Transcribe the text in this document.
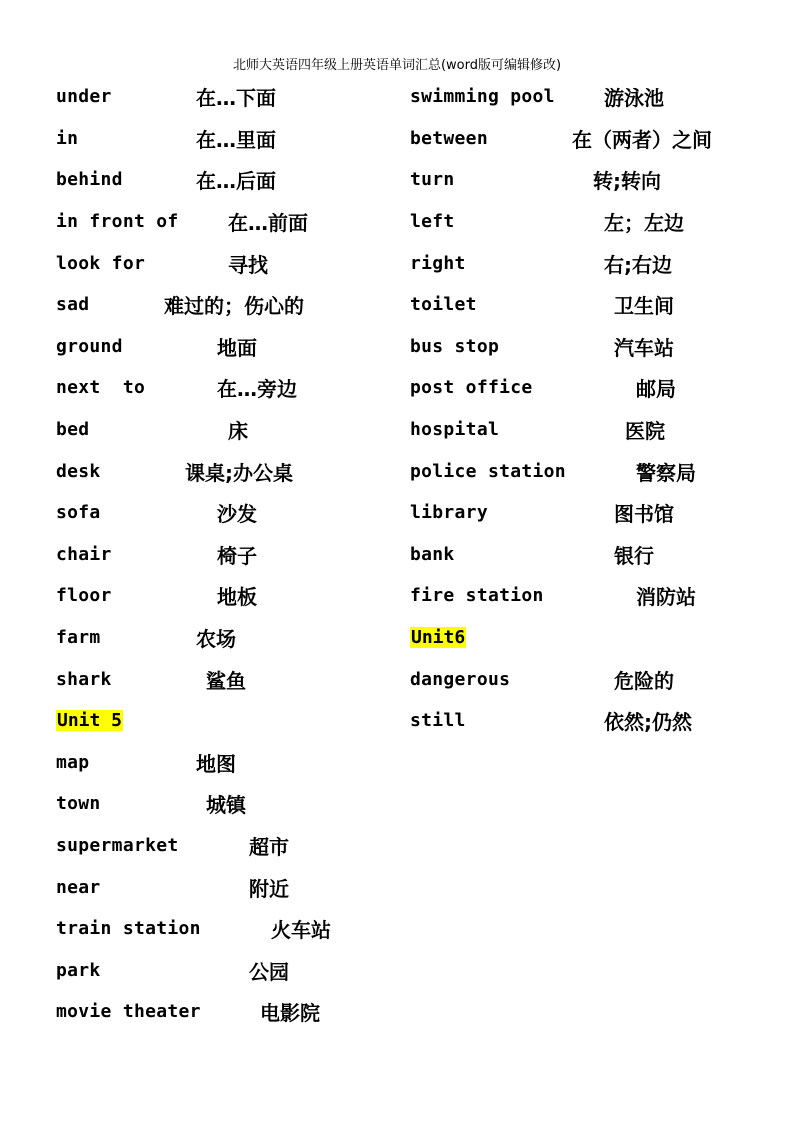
北师大英语四年级上册英语单词汇总(word版可编辑修改)
under	在…下面
in	在…里面
behind	在…后面
in front of 在…前面
look for	寻找
sad	难过的；伤心的
ground	地面
next  to	在…旁边
bed	床
desk	课桌;办公桌
sofa	沙发
chair	椅子
floor	地板
farm	农场
shark	鲨鱼
Unit 5
map	地图
town	城镇
supermarket	超市
near	附近
train station	火车站
park	公园
movie theater	电影院
swimming pool 游泳池
between	在（两者）之间
turn	转;转向
left	左；左边
right	右;右边
toilet	卫生间
bus stop	汽车站
post office	邮局
hospital	医院
police station	警察局
library	图书馆
bank	银行
fire station	消防站
Unit6
dangerous	危险的
still	依然;仍然
